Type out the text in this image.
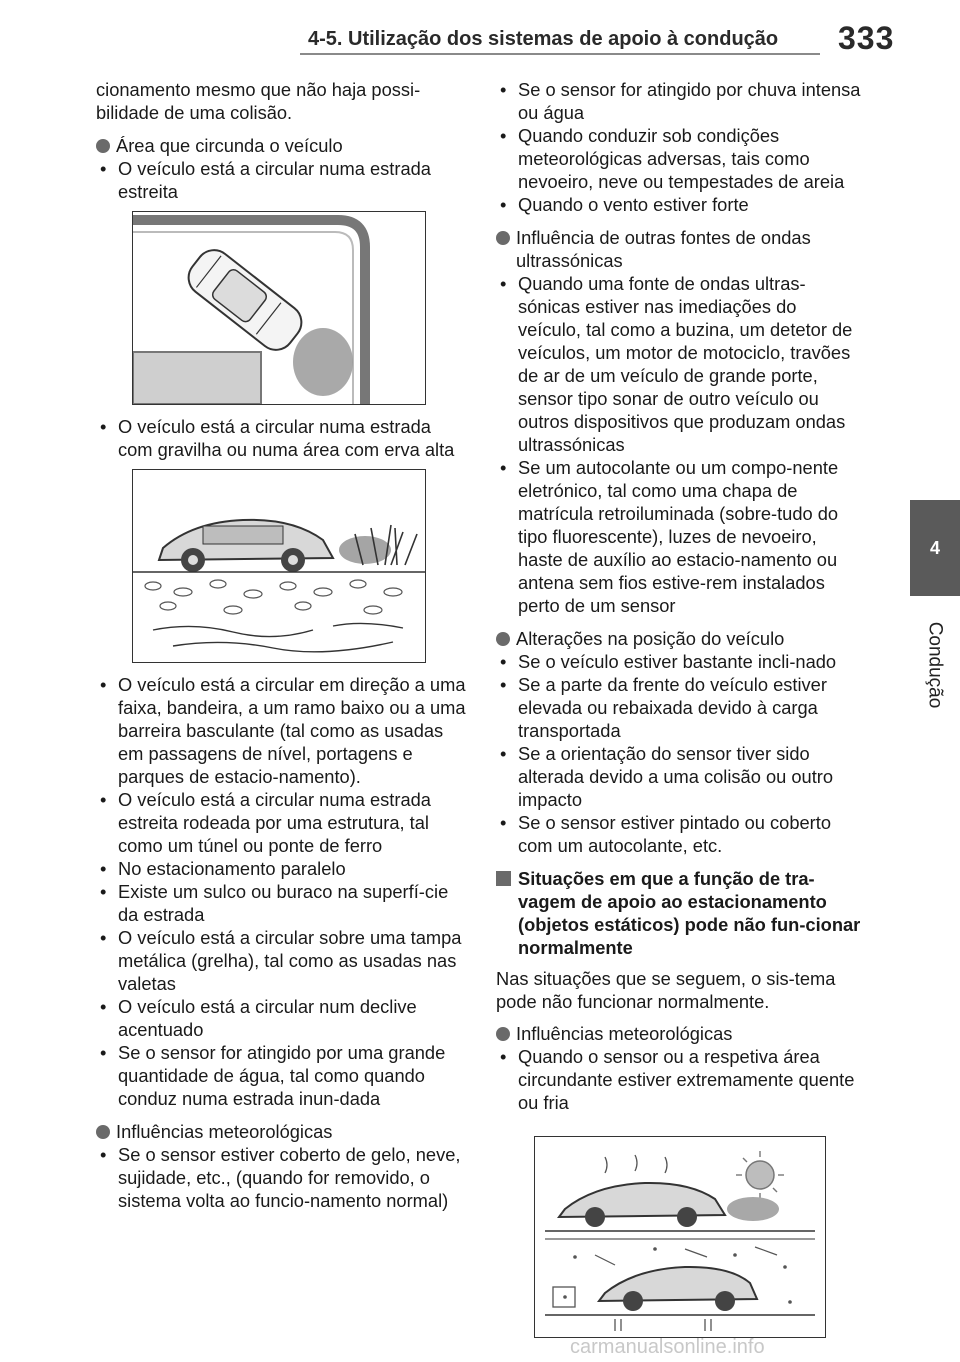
4-5. Utilização dos sistemas de apoio à condução 333
4
Condução

cionamento mesmo que não haja possi-bilidade de uma colisão.

Área que circunda o veículo
• O veículo está a circular numa estrada estreita
• O veículo está a circular numa estrada com gravilha ou numa área com erva alta
• O veículo está a circular em direção a uma faixa, bandeira, a um ramo baixo ou a uma barreira basculante (tal como as usadas em passagens de nível, portagens e parques de estacio-namento).
• O veículo está a circular numa estrada estreita rodeada por uma estrutura, tal como um túnel ou ponte de ferro
• No estacionamento paralelo
• Existe um sulco ou buraco na superfí-cie da estrada
• O veículo está a circular sobre uma tampa metálica (grelha), tal como as usadas nas valetas
• O veículo está a circular num declive acentuado
• Se o sensor for atingido por uma grande quantidade de água, tal como quando conduz numa estrada inun-dada
Influências meteorológicas
• Se o sensor estiver coberto de gelo, neve, sujidade, etc., (quando for removido, o sistema volta ao funcio-namento normal)
• Se o sensor for atingido por chuva intensa ou água
• Quando conduzir sob condições meteorológicas adversas, tais como nevoeiro, neve ou tempestades de areia
• Quando o vento estiver forte
Influência de outras fontes de ondas ultrassónicas
• Quando uma fonte de ondas ultras-sónicas estiver nas imediações do veículo, tal como a buzina, um detetor de veículos, um motor de motociclo, travões de ar de um veículo de grande porte, sensor tipo sonar de outro veículo ou outros dispositivos que produzam ondas ultrassónicas
• Se um autocolante ou um compo-nente eletrónico, tal como uma chapa de matrícula retroiluminada (sobre-tudo do tipo fluorescente), luzes de nevoeiro, haste de auxílio ao estacio-namento ou antena sem fios estive-rem instalados perto de um sensor
Alterações na posição do veículo
• Se o veículo estiver bastante incli-nado
• Se a parte da frente do veículo estiver elevada ou rebaixada devido à carga transportada
• Se a orientação do sensor tiver sido alterada devido a uma colisão ou outro impacto
• Se o sensor estiver pintado ou coberto com um autocolante, etc.
Situações em que a função de tra-vagem de apoio ao estacionamento (objetos estáticos) pode não fun-cionar normalmente

Nas situações que se seguem, o sis-tema pode não funcionar normalmente.

Influências meteorológicas
• Quando o sensor ou a respetiva área circundante estiver extremamente quente ou fria
carmanualsonline.info
